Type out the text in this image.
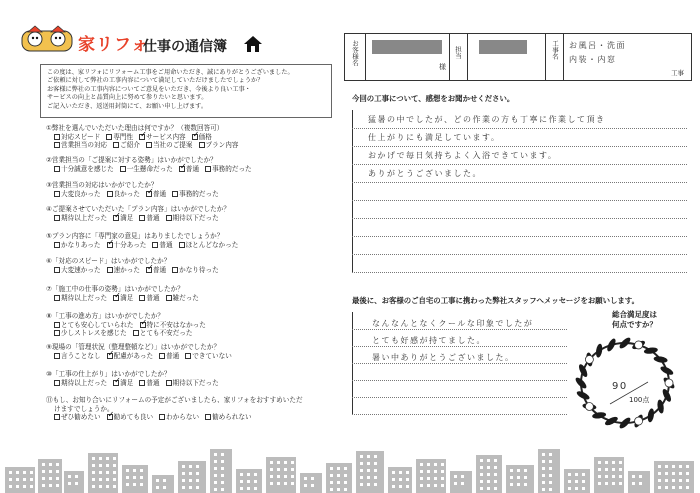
家リフォ
仕事の通信簿
この度は、家リフォにリフォーム工事をご用命いただき、誠にありがとうございました。
ご依頼に対して弊社の工事内容について満足していただけましたでしょうか？
お客様に弊社の工事内容についてご意見をいただき、今後より良い工事・
サービスの向上と品質向上に努めて参りたいと思います。
ご記入いただき、返送用封筒にて、お願い申し上げます。
①弊社を選んでいただいた理由は何ですか？（複数回答可）
対応スピード 専門性 ✓ サービス内容 ✓ 価格
営業担当の対応 ご紹介 当社のご提案 プラン内容
②営業担当の「ご提案に対する姿勢」はいかがでしたか？
十分誠意を感じた 一生懸命だった ✓ 普通 事務的だった
③営業担当の対応はいかがでしたか？
大変良かった 良かった ✓ 普通 事務的だった
④ご提案させていただいた「プラン内容」はいかがでしたか？
期待以上だった ✓ 満足 普通 期待以下だった
⑤プラン内容に「専門家の意見」はありましたでしょうか？
かなりあった ✓ 十分あった 普通 ほとんどなかった
⑥「対応のスピード」はいかがでしたか？
大変速かった 速かった ✓ 普通 かなり待った
⑦「施工中の仕事の姿勢」はいかがでしたか？
期待以上だった ✓ 満足 普通 雑だった
⑧「工事の進め方」はいかがでしたか？
とても安心していられた ✓ 特に不安はなかった
少しストレスを感じた とても不安だった
⑨現場の「管理状況（整理整頓など）」はいかがでしたか？
言うことなし ✓ 配慮があった 普通 できていない
⑩「工事の仕上がり」はいかがでしたか？
期待以上だった ✓ 満足 普通 期待以下だった
⑪もし、お知り合いにリフォームの予定がございましたら、家リフォをおすすめいただ
けますでしょうか。
ぜひ勧めたい ✓ 勧めても良い わからない 勧められない
お客様名
様
担当	工事名 お風呂・洗面
内装・内窓
工事
今回の工事について、感想をお聞かせください。
猛暑の中でしたが、どの作業の方も丁寧に作業して頂き
仕上がりにも満足しています。
おかげで毎日気持ちよく入浴できています。
ありがとうございました。
最後に、お客様のご自宅の工事に携わった弊社スタッフへメッセージをお願いします。
なんなんとなくクールな印象でしたが
とても好感が持てました。
暑い中ありがとうございました。
総合満足度は
何点ですか？
90
100点
